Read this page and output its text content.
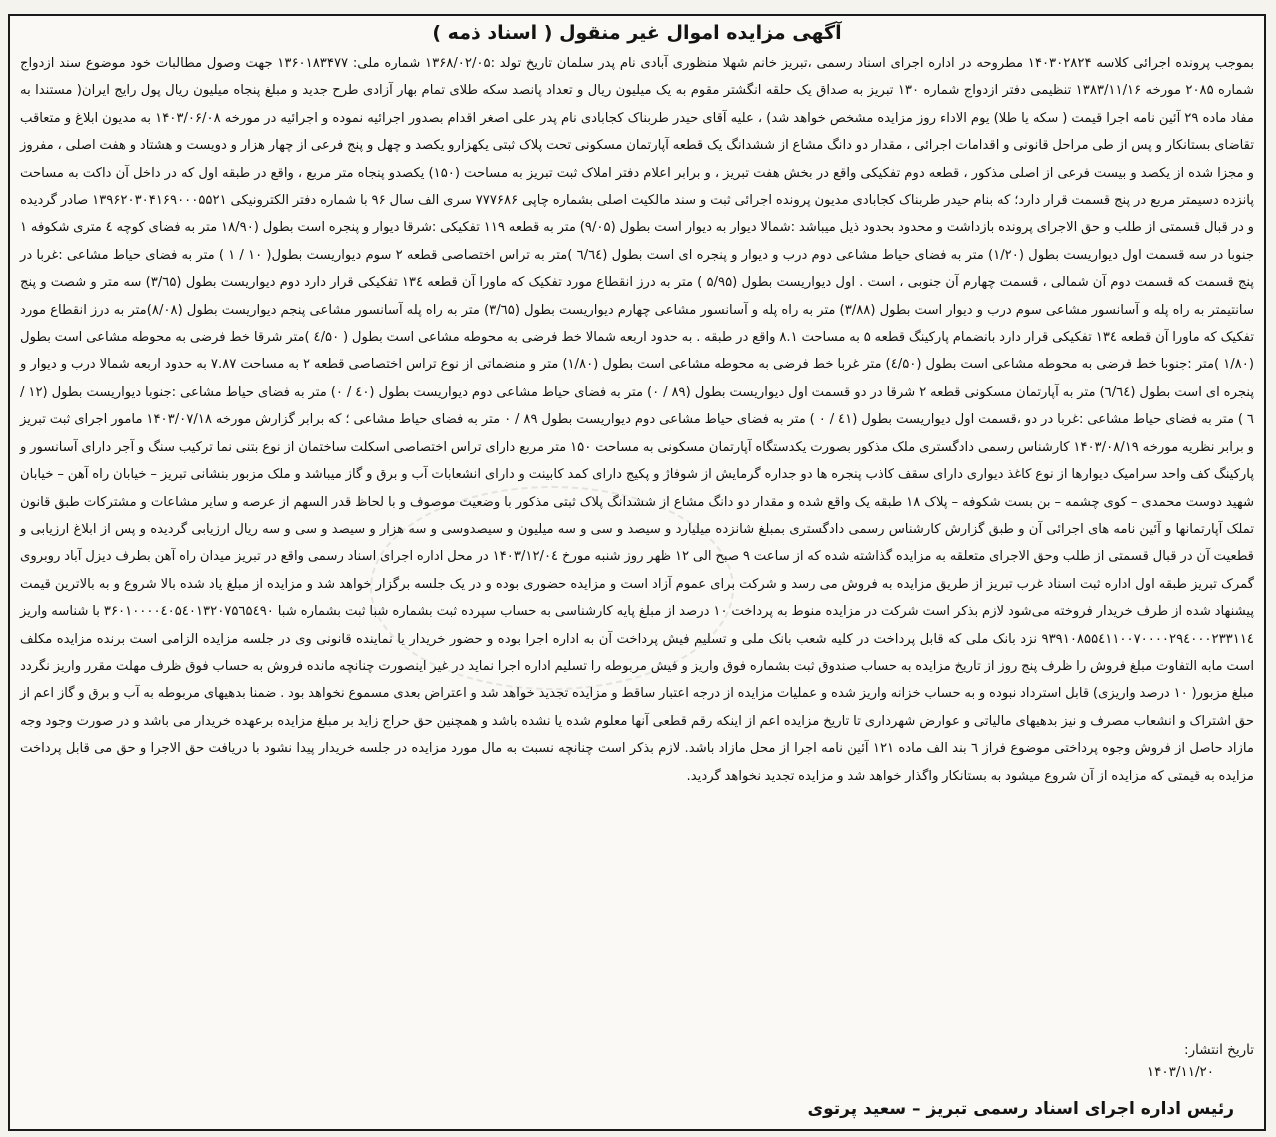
آگهی مزایده اموال غیر منقول ( اسناد ذمه )
بموجب پرونده اجرائی کلاسه ۱۴۰۳۰۲۸۲۴ مطروحه در اداره اجرای اسناد رسمی ،تبریز خانم شهلا منظوری آبادی نام پدر سلمان تاریخ تولد :۱۳۶۸/۰۲/۰۵ شماره ملی: ۱۳۶۰۱۸۳۴۷۷ جهت وصول مطالبات خود موضوع سند ازدواج شماره ۲۰۸۵ مورخه ۱۳۸۳/۱۱/۱۶ تنظیمی دفتر ازدواج شماره ۱۳۰ تبریز به صداق یک حلقه انگشتر مقوم به یک میلیون ریال و تعداد پانصد سکه طلای تمام بهار آزادی طرح جدید و مبلغ پنجاه میلیون ریال پول رایج ایران( مستندا به مفاد ماده ۲۹ آئین نامه اجرا قیمت ( سکه یا طلا) یوم الاداء روز مزایده مشخص خواهد شد) ، علیه آقای حیدر طربناک کجابادی نام پدر علی اصغر اقدام بصدور اجرائیه نموده و اجرائیه در مورخه ۱۴۰۳/۰۶/۰۸ به مدیون ابلاغ و متعاقب تقاضای بستانکار و پس از طی مراحل قانونی و اقدامات اجرائی ، مقدار دو دانگ مشاع از ششدانگ یک قطعه آپارتمان مسکونی تحت پلاک ثبتی یکهزارو یکصد و چهل و پنج فرعی از چهار هزار و دویست و هشتاد و هفت اصلی ، مفروز و مجزا شده از یکصد و بیست فرعی از اصلی مذکور ، قطعه دوم تفکیکی واقع در بخش هفت تبریز ، و برابر اعلام دفتر املاک ثبت تبریز به مساحت (۱۵۰) یکصدو پنجاه متر مربع ، واقع در طبقه اول که در داخل آن داکت به مساحت پانزده دسیمتر مربع در پنج قسمت قرار دارد؛ که بنام حیدر طربناک کجابادی مدیون پرونده اجرائی ثبت و سند مالکیت اصلی بشماره چاپی ۷۷۷۶۸۶ سری الف سال ۹۶ با شماره دفتر الکترونیکی ۱۳۹۶۲۰۳۰۴۱۶۹۰۰۰۵۵۲۱ صادر گردیده و در قبال قسمتی از طلب و حق الاجرای پرونده بازداشت و محدود بحدود ذیل میباشد :شمالا دیوار به دیوار است بطول (۹/۰۵) متر به قطعه ۱۱۹ تفکیکی :شرقا دیوار و پنجره است بطول (۱۸/۹۰ متر به فضای کوچه ٤ متری شکوفه ۱ جنوبا در سه قسمت اول دیواریست بطول (۱/۲۰) متر به فضای حیاط مشاعی دوم درب و دیوار و پنجره ای است بطول (٦/٦٤ )متر به تراس اختصاصی قطعه ۲ سوم دیواریست بطول( ۱۰ / ۱ ) متر به فضای حیاط مشاعی :غربا در پنج قسمت که قسمت دوم آن شمالی ، قسمت چهارم آن جنوبی ، است . اول دیواریست بطول (۵/۹۵ ) متر به درز انقطاع مورد تفکیک که ماورا آن قطعه ۱۳٤ تفکیکی قرار دارد دوم دیواریست بطول (۳/٦۵) سه متر و شصت و پنج سانتیمتر به راه پله و آسانسور مشاعی سوم درب و دیوار است بطول (۳/۸۸) متر به راه پله و آسانسور مشاعی چهارم دیواریست بطول (۳/٦۵) متر به راه پله آسانسور مشاعی پنجم دیواریست بطول (۸/۰۸)متر به درز انقطاع مورد تفکیک که ماورا آن قطعه ۱۳٤ تفکیکی قرار دارد بانضمام پارکینگ قطعه ۵ به مساحت ۸.۱ واقع در طبقه . به حدود اربعه شمالا خط فرضی به محوطه مشاعی است بطول ( ٤/۵۰ )متر شرقا خط فرضی به محوطه مشاعی است بطول (۱/۸۰ )متر :جنوبا خط فرضی به محوطه مشاعی است بطول (٤/۵۰) متر غربا خط فرضی به محوطه مشاعی است بطول (۱/۸۰) متر و منضماتی از نوع تراس اختصاصی قطعه ۲ به مساحت ۷.۸۷ به حدود اربعه شمالا درب و دیوار و پنجره ای است بطول (٦/٦٤) متر به آپارتمان مسکونی قطعه ۲ شرقا در دو قسمت اول دیواریست بطول (۸۹ / ۰) متر به فضای حیاط مشاعی دوم دیواریست بطول (٤۰ / ۰) متر به فضای حیاط مشاعی :جنوبا دیواریست بطول (۱۲ / ٦ ) متر به فضای حیاط مشاعی :غربا در دو ،قسمت اول دیواریست بطول (٤۱ / ۰ ) متر به فضای حیاط مشاعی دوم دیواریست بطول ۸۹ / ۰ متر به فضای حیاط مشاعی ؛ که برابر گزارش مورخه ۱۴۰۳/۰۷/۱۸ مامور اجرای ثبت تبریز و برابر نظریه مورخه ۱۴۰۳/۰۸/۱۹ کارشناس رسمی دادگستری ملک مذکور بصورت یکدستگاه آپارتمان مسکونی به مساحت ۱۵۰ متر مربع دارای تراس اختصاصی اسکلت ساختمان از نوع بتنی نما ترکیب سنگ و آجر دارای آسانسور و پارکینگ کف واحد سرامیک دیوارها از نوع کاغذ دیواری دارای سقف کاذب پنجره ها دو جداره گرمایش از شوفاژ و پکیج دارای کمد کابینت و دارای انشعابات آب و برق و گاز میباشد و ملک مزبور بنشانی تبریز – خیابان راه آهن – خیابان شهید دوست محمدی – کوی چشمه – بن بست شکوفه – پلاک ۱۸ طبقه یک واقع شده و مقدار دو دانگ مشاع از ششدانگ پلاک ثبتی مذکور با وضعیت موصوف و با لحاظ قدر السهم از عرصه و سایر مشاعات و مشترکات طبق قانون تملک آپارتمانها و آئین نامه های اجرائی آن و طبق گزارش کارشناس رسمی دادگستری بمبلغ شانزده میلیارد و سیصد و سی و سه میلیون و سیصدوسی و سه هزار و سیصد و سی و سه ریال ارزیابی گردیده و پس از ابلاغ ارزیابی و قطعیت آن در قبال قسمتی از طلب وحق الاجرای متعلقه به مزایده گذاشته شده که از ساعت ۹ صبح الی ۱۲ ظهر روز شنبه مورخ ۱۴۰۳/۱۲/۰٤ در محل اداره اجرای اسناد رسمی واقع در تبریز میدان راه آهن بطرف دیزل آباد روبروی گمرک تبریز طبقه اول اداره ثبت اسناد غرب تبریز از طریق مزایده به فروش می رسد و شرکت برای عموم آزاد است و مزایده حضوری بوده و در یک جلسه برگزار خواهد شد و مزایده از مبلغ یاد شده بالا شروع و به بالاترین قیمت پیشنهاد شده از طرف خریدار فروخته می‌شود لازم بذکر است شرکت در مزایده منوط به پرداخت ۱۰ درصد از مبلغ پایه کارشناسی به حساب سپرده ثبت بشماره شبا ثبت بشماره شبا ۳۶۰۱۰۰۰۰٤۰۵٤۰۱۳۲۰۷۵٦۵٤۹۰ با شناسه واریز ۹۳۹۱۰۸۵۵٤۱۱۰۰۷۰۰۰۰۲۹٤۰۰۰۲۳۳۱۱٤ نزد بانک ملی که قابل پرداخت در کلیه شعب بانک ملی و تسلیم فیش پرداخت آن به اداره اجرا بوده و حضور خریدار یا نماینده قانونی وی در جلسه مزایده الزامی است برنده مزایده مکلف است مابه التفاوت مبلغ فروش را ظرف پنج روز از تاریخ مزایده به حساب صندوق ثبت بشماره فوق واریز و فیش مربوطه را تسلیم اداره اجرا نماید در غیر اینصورت چنانچه مانده فروش به حساب فوق ظرف مهلت مقرر واریز نگردد مبلغ مزبور( ۱۰ درصد واریزی) قابل استرداد نبوده و به حساب خزانه واریز شده و عملیات مزایده از درجه اعتبار ساقط و مزایده تجدید خواهد شد و اعتراض بعدی مسموع نخواهد بود . ضمنا بدهیهای مربوطه به آب و برق و گاز اعم از حق اشتراک و انشعاب مصرف و نیز بدهیهای مالیاتی و عوارض شهرداری تا تاریخ مزایده اعم از اینکه رقم قطعی آنها معلوم شده یا نشده باشد و همچنین حق حراج زاید بر مبلغ مزایده برعهده خریدار می باشد و در صورت وجود وجه مازاد حاصل از فروش وجوه پرداختی موضوع فراز ٦ بند الف ماده ۱۲۱ آئین نامه اجرا از محل مازاد باشد. لازم بذکر است چنانچه نسبت به مال مورد مزایده در جلسه خریدار پیدا نشود با دریافت حق الاجرا و حق می قابل پرداخت مزایده به قیمتی که مزایده از آن شروع میشود به بستانکار واگذار خواهد شد و مزایده تجدید نخواهد گردید.
تاریخ انتشار:
۱۴۰۳/۱۱/۲۰
رئیس اداره اجرای اسناد رسمی تبریز – سعید پرتوی
